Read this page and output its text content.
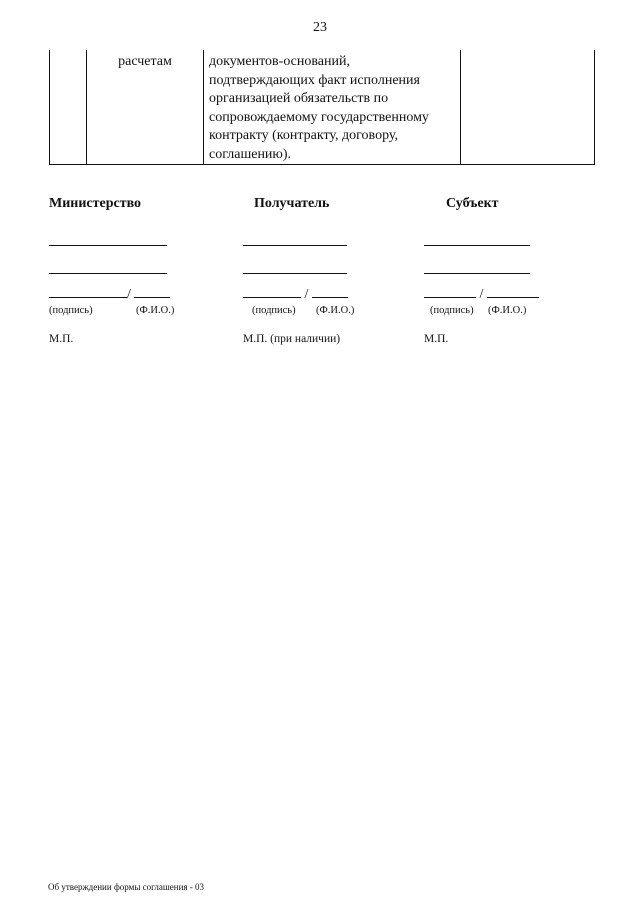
23
	расчетам	документов-оснований,
подтверждающих факт исполнения
организацией обязательств по
сопровождаемому государственному
контракту (контракту, договору,
соглашению).

Министерство
/
(подпись)	(Ф.И.О.)
М.П.
Получатель
/
(подпись) (Ф.И.О.)
М.П. (при наличии)
Субъект
/
(подпись) (Ф.И.О.)
М.П.
Об утверждении формы соглашения - 03
